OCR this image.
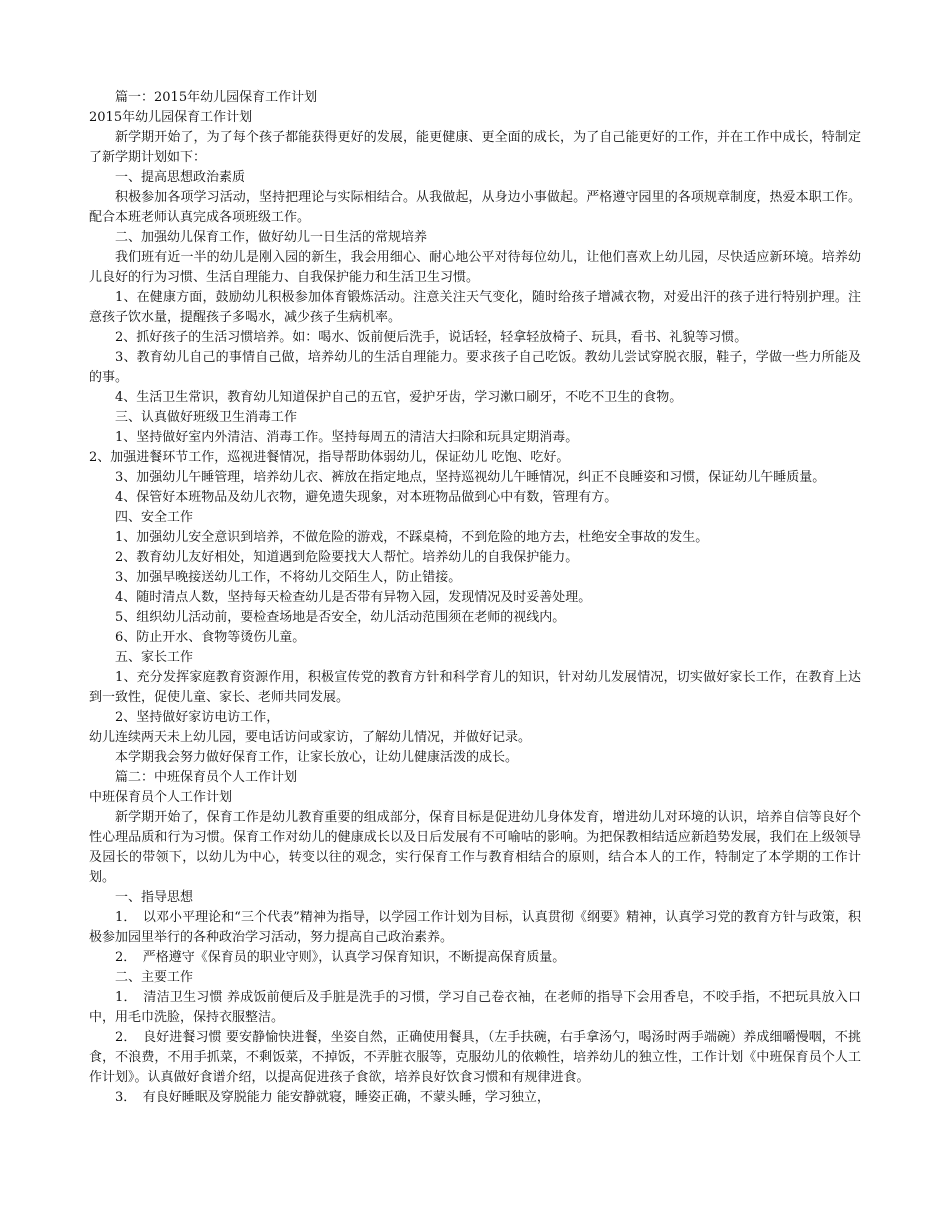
篇一：2015年幼儿园保育工作计划

2015年幼儿园保育工作计划

新学期开始了，为了每个孩子都能获得更好的发展，能更健康、更全面的成长，为了自己能更好的工作，并在工作中成长，特制定了新学期计划如下：

一、提高思想政治素质

积极参加各项学习活动，坚持把理论与实际相结合。从我做起，从身边小事做起。严格遵守园里的各项规章制度，热爱本职工作。配合本班老师认真完成各项班级工作。

二、加强幼儿保育工作，做好幼儿一日生活的常规培养

我们班有近一半的幼儿是刚入园的新生，我会用细心、耐心地公平对待每位幼儿，让他们喜欢上幼儿园，尽快适应新环境。培养幼儿良好的行为习惯、生活自理能力、自我保护能力和生活卫生习惯。

1、在健康方面，鼓励幼儿积极参加体育锻炼活动。注意关注天气变化，随时给孩子增减衣物，对爱出汗的孩子进行特别护理。注意孩子饮水量，提醒孩子多喝水，减少孩子生病机率。

2、抓好孩子的生活习惯培养。如：喝水、饭前便后洗手，说话轻，轻拿轻放椅子、玩具，看书、礼貌等习惯。

3、教育幼儿自己的事情自己做，培养幼儿的生活自理能力。要求孩子自己吃饭。教幼儿尝试穿脱衣服，鞋子，学做一些力所能及的事。

4、生活卫生常识，教育幼儿知道保护自己的五官，爱护牙齿，学习漱口刷牙，不吃不卫生的食物。

三、认真做好班级卫生消毒工作

1、坚持做好室内外清洁、消毒工作。坚持每周五的清洁大扫除和玩具定期消毒。

2、加强进餐环节工作，巡视进餐情况，指导帮助体弱幼儿，保证幼儿 吃饱、吃好。

3、加强幼儿午睡管理，培养幼儿衣、裤放在指定地点，坚持巡视幼儿午睡情况，纠正不良睡姿和习惯，保证幼儿午睡质量。

4、保管好本班物品及幼儿衣物，避免遗失现象，对本班物品做到心中有数，管理有方。

四、安全工作

1、加强幼儿安全意识到培养，不做危险的游戏，不踩桌椅，不到危险的地方去，杜绝安全事故的发生。

2、教育幼儿友好相处，知道遇到危险要找大人帮忙。培养幼儿的自我保护能力。

3、加强早晚接送幼儿工作，不将幼儿交陌生人，防止错接。

4、随时清点人数，坚持每天检查幼儿是否带有异物入园，发现情况及时妥善处理。

5、组织幼儿活动前，要检查场地是否安全，幼儿活动范围须在老师的视线内。

6、防止开水、食物等烫伤儿童。

五、家长工作

1、充分发挥家庭教育资源作用，积极宣传党的教育方针和科学育儿的知识，针对幼儿发展情况，切实做好家长工作，在教育上达到一致性，促使儿童、家长、老师共同发展。

2、坚持做好家访电访工作，

幼儿连续两天未上幼儿园，要电话访问或家访，了解幼儿情况，并做好记录。

本学期我会努力做好保育工作，让家长放心，让幼儿健康活泼的成长。

篇二：中班保育员个人工作计划

中班保育员个人工作计划

新学期开始了，保育工作是幼儿教育重要的组成部分，保育目标是促进幼儿身体发育，增进幼儿对环境的认识，培养自信等良好个性心理品质和行为习惯。保育工作对幼儿的健康成长以及日后发展有不可喻咕的影响。为把保教相结适应新趋势发展，我们在上级领导及园长的带领下，以幼儿为中心，转变以往的观念，实行保育工作与教育相结合的原则，结合本人的工作，特制定了本学期的工作计划。

一、指导思想

1．　以邓小平理论和“三个代表”精神为指导，以学园工作计划为目标，认真贯彻《纲要》精神，认真学习党的教育方针与政策，积极参加园里举行的各种政治学习活动，努力提高自己政治素养。

2．　严格遵守《保育员的职业守则》，认真学习保育知识，不断提高保育质量。

二、主要工作

1．　清洁卫生习惯 养成饭前便后及手脏是洗手的习惯，学习自己卷衣袖，在老师的指导下会用香皂，不咬手指，不把玩具放入口中，用毛巾洗脸，保持衣服整洁。

2．　良好进餐习惯 要安静愉快进餐，坐姿自然，正确使用餐具，（左手扶碗，右手拿汤勺，喝汤时两手端碗）养成细嚼慢咽，不挑食，不浪费，不用手抓菜，不剩饭菜，不掉饭，不弄脏衣服等，克服幼儿的依赖性，培养幼儿的独立性，工作计划《中班保育员个人工作计划》。认真做好食谱介绍，以提高促进孩子食欲，培养良好饮食习惯和有规律进食。

3．　有良好睡眠及穿脱能力 能安静就寝，睡姿正确，不蒙头睡，学习独立，
